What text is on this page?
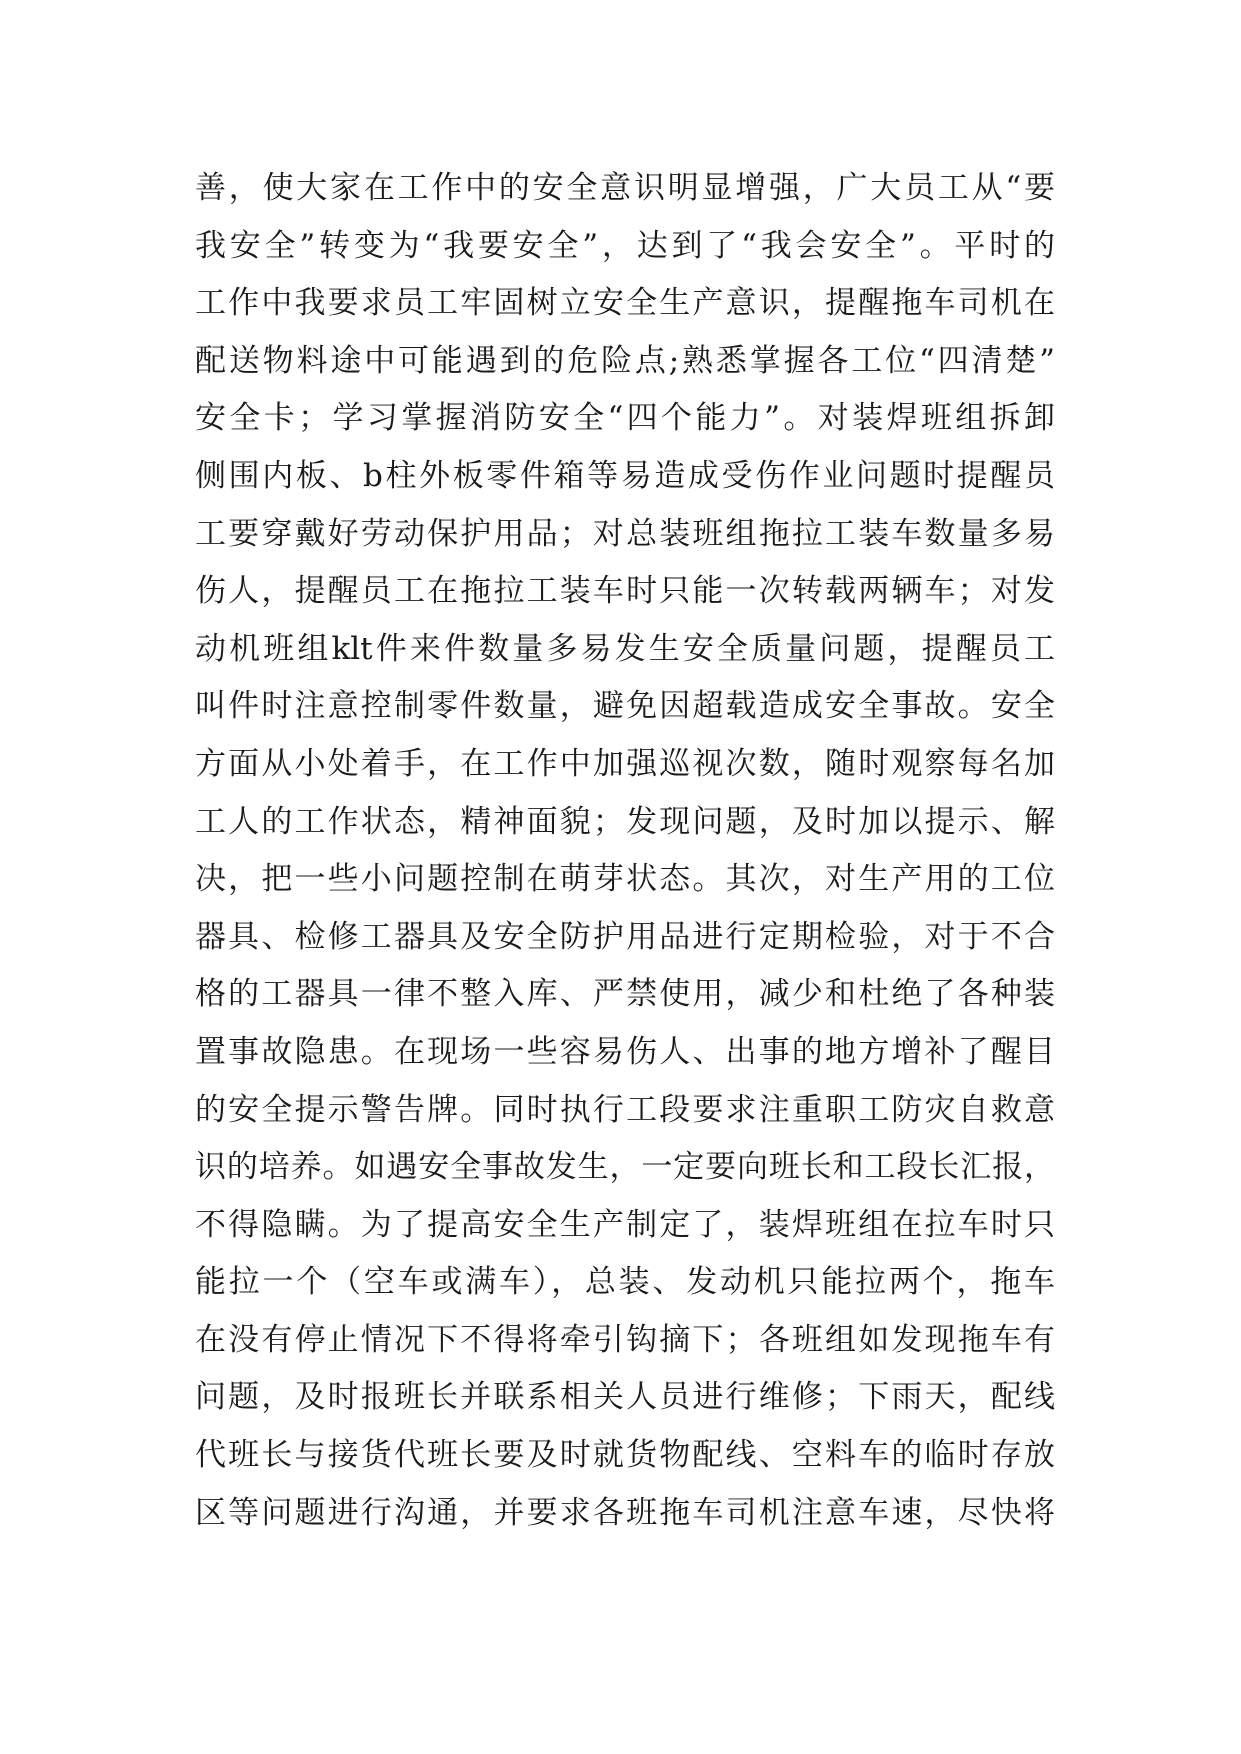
善，使大家在工作中的安全意识明显增强，广大员工从“要
我安全”转变为“我要安全”，达到了“我会安全”。平时的
工作中我要求员工牢固树立安全生产意识，提醒拖车司机在
配送物料途中可能遇到的危险点;熟悉掌握各工位“四清楚”
安全卡；学习掌握消防安全“四个能力”。对装焊班组拆卸
侧围内板、b柱外板零件箱等易造成受伤作业问题时提醒员
工要穿戴好劳动保护用品；对总装班组拖拉工装车数量多易
伤人，提醒员工在拖拉工装车时只能一次转载两辆车；对发
动机班组klt件来件数量多易发生安全质量问题，提醒员工
叫件时注意控制零件数量，避免因超载造成安全事故。安全
方面从小处着手，在工作中加强巡视次数，随时观察每名加
工人的工作状态，精神面貌；发现问题，及时加以提示、解
决，把一些小问题控制在萌芽状态。其次，对生产用的工位
器具、检修工器具及安全防护用品进行定期检验，对于不合
格的工器具一律不整入库、严禁使用，减少和杜绝了各种装
置事故隐患。在现场一些容易伤人、出事的地方增补了醒目
的安全提示警告牌。同时执行工段要求注重职工防灾自救意
识的培养。如遇安全事故发生，一定要向班长和工段长汇报，
不得隐瞒。为了提高安全生产制定了，装焊班组在拉车时只
能拉一个（空车或满车），总装、发动机只能拉两个，拖车
在没有停止情况下不得将牵引钩摘下；各班组如发现拖车有
问题，及时报班长并联系相关人员进行维修；下雨天，配线
代班长与接货代班长要及时就货物配线、空料车的临时存放
区等问题进行沟通，并要求各班拖车司机注意车速，尽快将
